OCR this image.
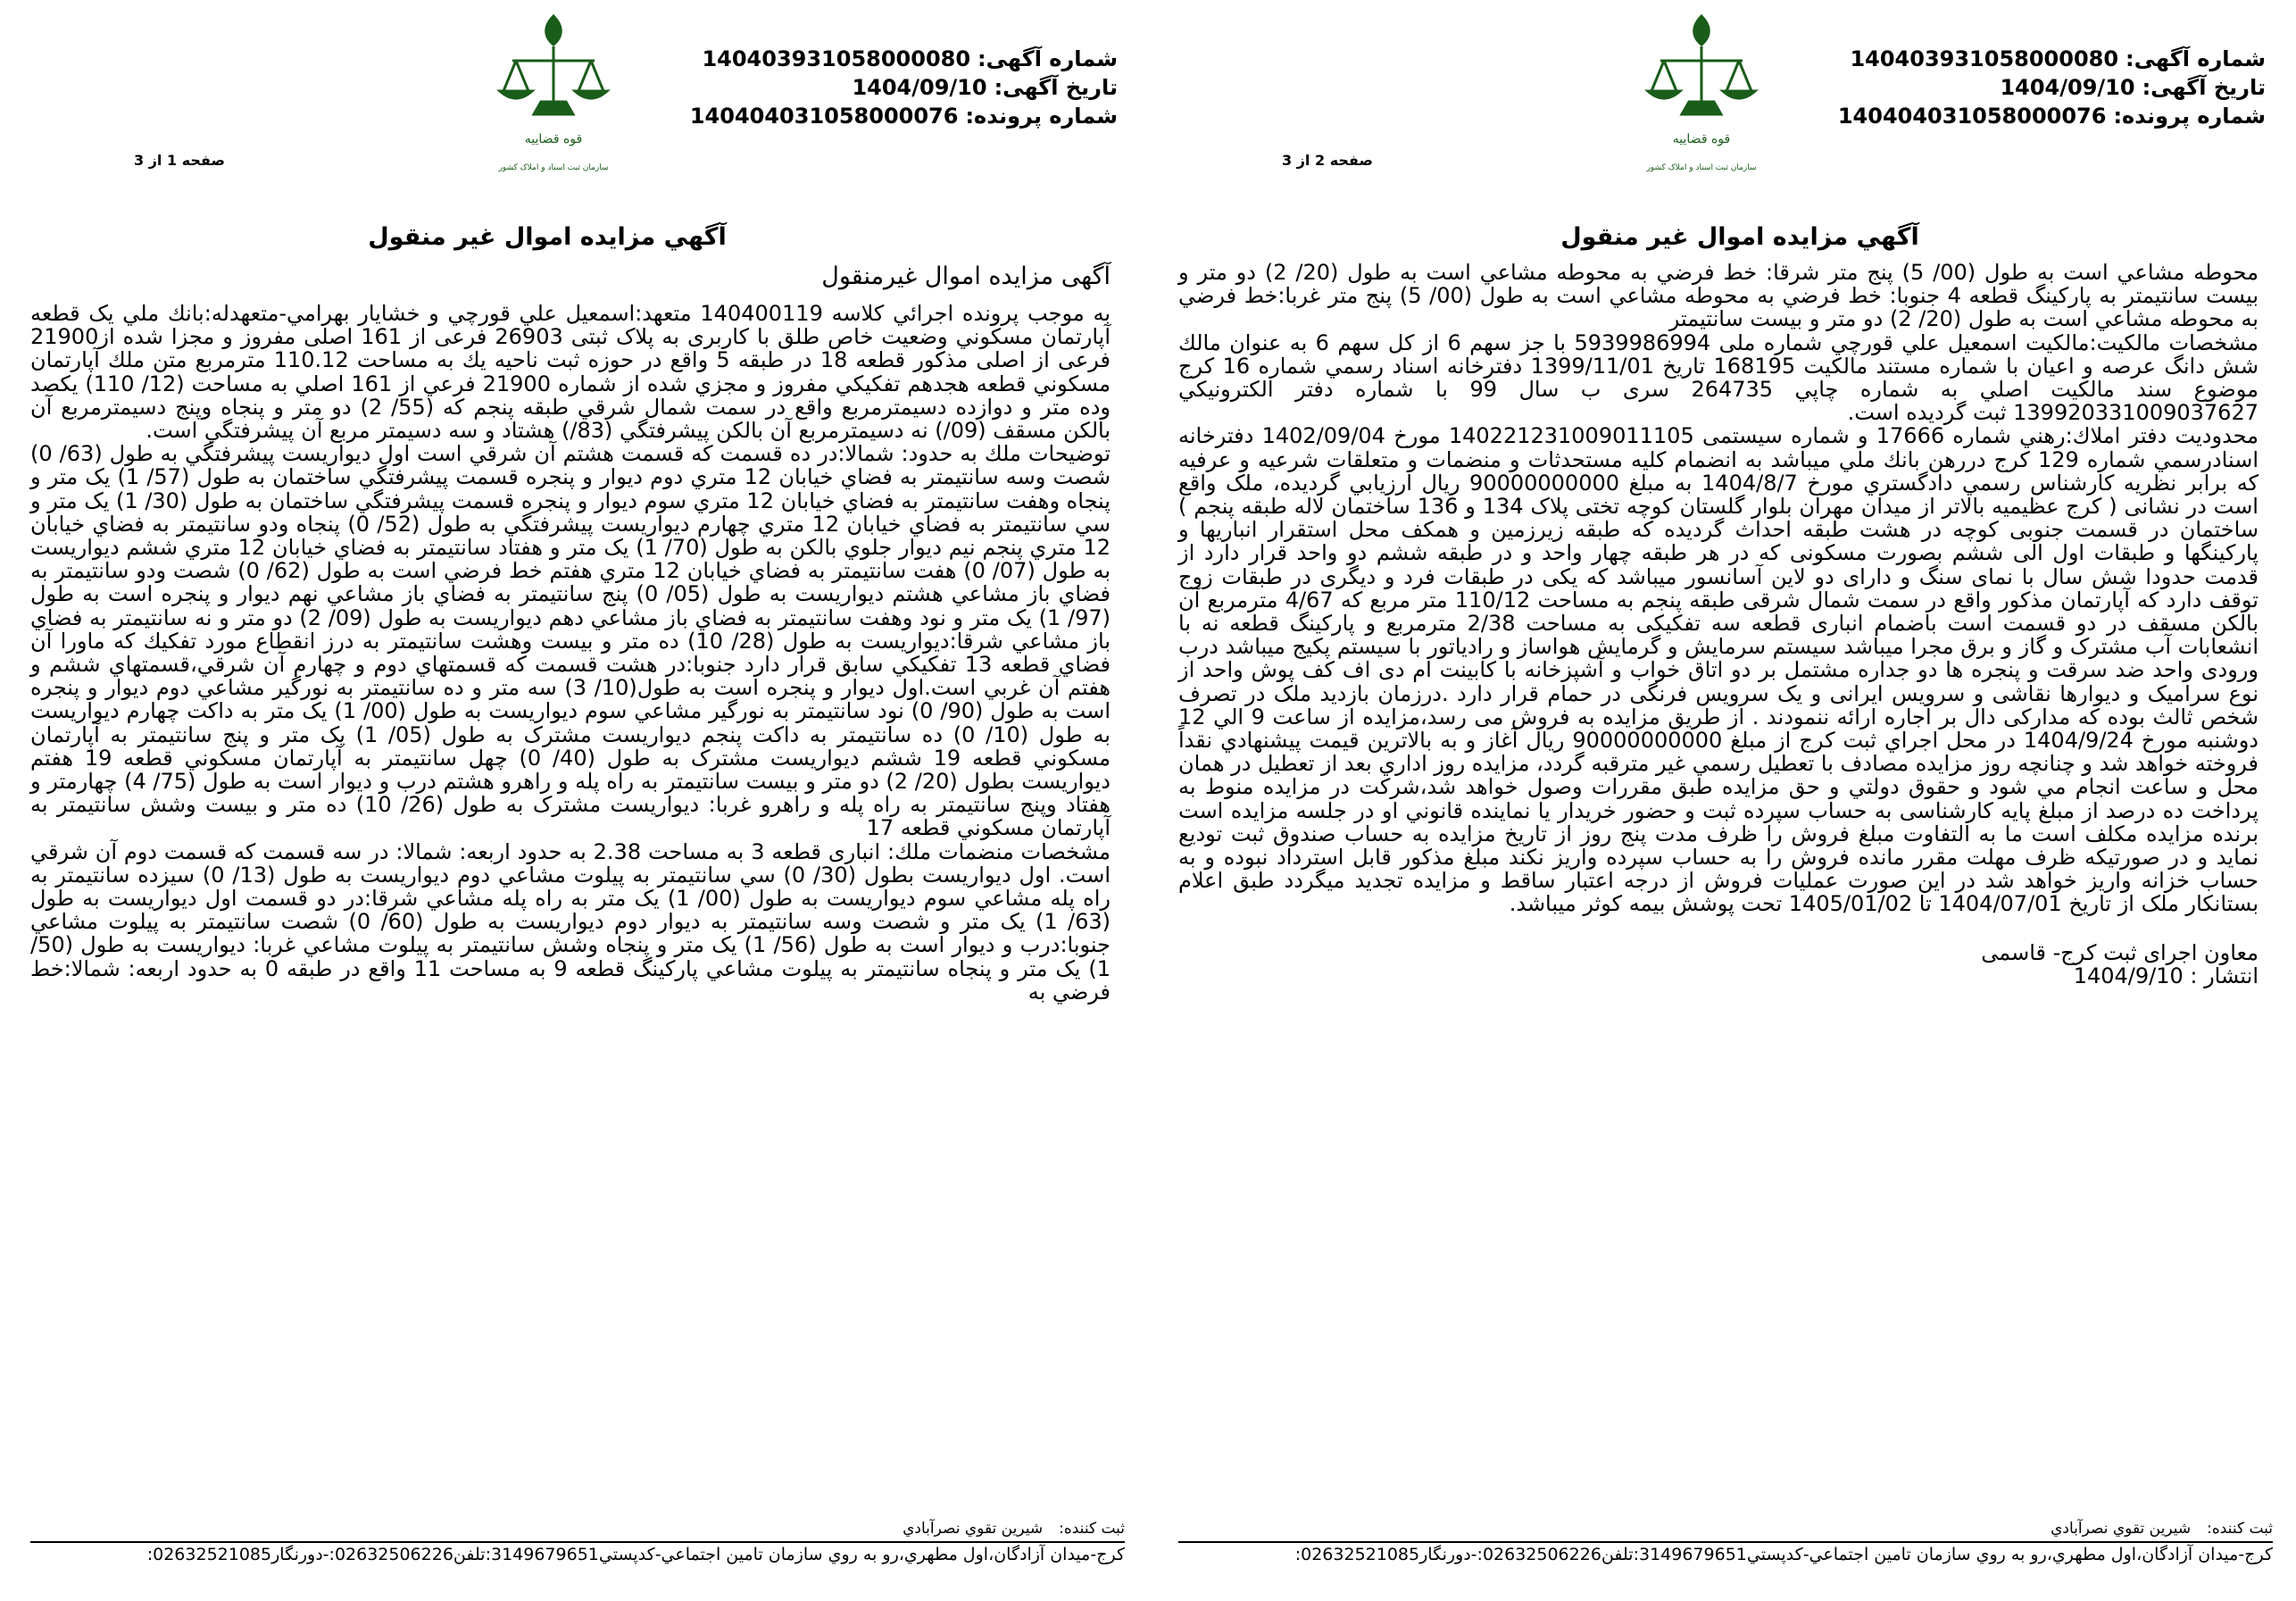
شماره آگهی:140403931058000080
تاریخ آگهی:1404/09/10
شماره پرونده:140404031058000076
قوه قضاییه
سازمان ثبت اسناد و املاک کشور
صفحه 1 از 3
آگهي مزايده اموال غير منقول

آگهی مزایده اموال غیرمنقول

به موجب پرونده اجرائي كلاسه 140400119 متعهد:اسمعيل علي قورچي و خشايار بهرامي-متعهدله:بانك ملي يک قطعه آپارتمان مسكوني وضعيت خاص طلق با كاربری به پلاک ثبتی 26903 فرعی از 161 اصلی مفروز و مجزا شده از21900 فرعی از اصلی مذكور قطعه 18 در طبقه 5 واقع در حوزه ثبت ناحيه يك به مساحت 110.12 مترمربع متن ملك آپارتمان مسكوني قطعه هجدهم تفكيكي مفروز و مجزي شده از شماره 21900 فرعي از 161 اصلي به مساحت (12/ 110) يكصد وده متر و دوازده دسيمترمربع واقع در سمت شمال شرقي طبقه پنجم كه (55/ 2) دو متر و پنجاه وپنج دسيمترمربع آن بالكن مسقف (09/) نه دسيمترمربع آن بالكن پيشرفتگي (83/) هشتاد و سه دسيمتر مربع آن پيشرفتگي است.

توضيحات ملك به حدود: شمالا:در ده قسمت كه قسمت هشتم آن شرقي است اول ديواريست پيشرفتگي به طول (63/ 0) شصت وسه سانتيمتر به فضاي خيابان 12 متري دوم ديوار و پنجره قسمت پيشرفتگي ساختمان به طول (57/ 1) يک متر و پنجاه وهفت سانتيمتر به فضاي خيابان 12 متري سوم ديوار و پنجره قسمت پيشرفتگي ساختمان به طول (30/ 1) يک متر و سي سانتيمتر به فضاي خيابان 12 متري چهارم ديواريست پيشرفتگي به طول (52/ 0) پنجاه ودو سانتيمتر به فضاي خيابان 12 متري پنجم نيم ديوار جلوي بالكن به طول (70/ 1) يک متر و هفتاد سانتيمتر به فضاي خيابان 12 متري ششم ديواريست به طول (07/ 0) هفت سانتيمتر به فضاي خيابان 12 متري هفتم خط فرضي است به طول (62/ 0) شصت ودو سانتيمتر به فضاي باز مشاعي هشتم ديواريست به طول (05/ 0) پنج سانتيمتر به فضاي باز مشاعي نهم ديوار و پنجره است به طول (97/ 1) يک متر و نود وهفت سانتيمتر به فضاي باز مشاعي دهم ديواريست به طول (09/ 2) دو متر و نه سانتيمتر به فضاي باز مشاعي شرقا:ديواريست به طول (28/ 10) ده متر و بيست وهشت سانتيمتر به درز انقطاع مورد تفكيك كه ماورا آن فضاي قطعه 13 تفكيكي سابق قرار دارد جنوبا:در هشت قسمت كه قسمتهاي دوم و چهارم آن شرقي،قسمتهاي ششم و هفتم آن غربي است.اول ديوار و پنجره است به طول(10/ 3) سه متر و ده سانتيمتر به نورگير مشاعي دوم ديوار و پنجره است به طول (90/ 0) نود سانتيمتر به نورگير مشاعي سوم ديواريست به طول (00/ 1) يک متر به داكت چهارم ديواريست به طول (10/ 0) ده سانتيمتر به داكت پنجم ديواريست مشترک به طول (05/ 1) يک متر و پنج سانتيمتر به آپارتمان مسكوني قطعه 19 ششم ديواريست مشترک به طول (40/ 0) چهل سانتيمتر به آپارتمان مسكوني قطعه 19 هفتم ديواريست بطول (20/ 2) دو متر و بيست سانتيمتر به راه پله و راهرو هشتم درب و ديوار است به طول (75/ 4) چهارمتر و هفتاد وپنج سانتيمتر به راه پله و راهرو غربا: ديواريست مشترک به طول (26/ 10) ده متر و بيست وشش سانتيمتر به آپارتمان مسكوني قطعه 17

مشخصات منضمات ملك: انباری قطعه 3 به مساحت 2.38 به حدود اربعه: شمالا: در سه قسمت كه قسمت دوم آن شرقي است. اول ديواريست بطول (30/ 0) سي سانتيمتر به پيلوت مشاعي دوم ديواريست به طول (13/ 0) سيزده سانتيمتر به راه پله مشاعي سوم ديواريست به طول (00/ 1) يک متر به راه پله مشاعي شرقا:در دو قسمت اول ديواريست به طول (63/ 1) يک متر و شصت وسه سانتيمتر به ديوار دوم ديواريست به طول (60/ 0) شصت سانتيمتر به پيلوت مشاعي جنوبا:درب و ديوار است به طول (56/ 1) يک متر و پنجاه وشش سانتيمتر به پيلوت مشاعي غربا: ديواريست به طول (50/ 1) يک متر و پنجاه سانتيمتر به پيلوت مشاعي پاركينگ قطعه 9 به مساحت 11 واقع در طبقه 0 به حدود اربعه: شمالا:خط فرضي به

ثبت کننده:شيرين تقوي نصرآبادي
كرج-ميدان آزادگان،اول مطهري،رو به روي سازمان تامين اجتماعي-كدپستي3149679651:تلفن02632506226:-دورنگار02632521085:
شماره آگهی:140403931058000080
تاریخ آگهی:1404/09/10
شماره پرونده:140404031058000076
قوه قضاییه
سازمان ثبت اسناد و املاک کشور
صفحه 2 از 3
آگهي مزايده اموال غير منقول

محوطه مشاعي است به طول (00/ 5) پنج متر شرقا: خط فرضي به محوطه مشاعي است به طول (20/ 2) دو متر و بيست سانتيمتر به پاركينگ قطعه 4 جنوبا: خط فرضي به محوطه مشاعي است به طول (00/ 5) پنج متر غربا:خط فرضي به محوطه مشاعي است به طول (20/ 2) دو متر و بيست سانتيمتر

مشخصات مالكيت:مالكيت اسمعيل علي قورچي شماره ملی 5939986994 با جز سهم 6 از كل سهم 6 به عنوان مالك شش دانگ عرصه و اعيان با شماره مستند مالكيت 168195 تاريخ 1399/11/01 دفترخانه اسناد رسمي شماره 16 كرج موضوع سند مالكيت اصلي به شماره چاپي 264735 سری ب سال 99 با شماره دفتر الكترونيكي 139920331009037627 ثبت گرديده است.

محدوديت دفتر املاك:رهني شماره 17666 و شماره سيستمی 140221231009011105 مورخ 1402/09/04 دفترخانه اسنادرسمي شماره 129 كرج دررهن بانك ملي ميباشد به انضمام كليه مستحدثات و منضمات و متعلقات شرعيه و عرفيه كه برابر نظريه كارشناس رسمي دادگستري مورخ 1404/8/7 به مبلغ 90000000000 ريال ارزيابي گرديده، ملک واقع است در نشانی ( كرج عظيميه بالاتر از ميدان مهران بلوار گلستان كوچه تختی پلاک 134 و 136 ساختمان لاله طبقه پنجم ) ساختمان در قسمت جنوبی كوچه در هشت طبقه احداث گرديده كه طبقه زيرزمين و همكف محل استقرار انباريها و پاركينگها و طبقات اول الی ششم بصورت مسكونی كه در هر طبقه چهار واحد و در طبقه ششم دو واحد قرار دارد از قدمت حدودا شش سال با نمای سنگ و دارای دو لاين آسانسور ميباشد كه يكی در طبقات فرد و ديگری در طبقات زوج توقف دارد كه آپارتمان مذكور واقع در سمت شمال شرقی طبقه پنجم به مساحت 110/12 متر مربع كه 4/67 مترمربع آن بالكن مسقف در دو قسمت است باضمام انباری قطعه سه تفكيكی به مساحت 2/38 مترمربع و پاركينگ قطعه نه با انشعابات آب مشترک و گاز و برق مجرا ميباشد سيستم سرمايش و گرمايش هواساز و رادياتور با سيستم پكيج ميباشد درب ورودی واحد ضد سرقت و پنجره ها دو جداره مشتمل بر دو اتاق خواب و آشپزخانه با كابينت ام دی اف كف پوش واحد از نوع سراميک و ديوارها نقاشی و سرويس ايرانی و يک سرويس فرنگی در حمام قرار دارد .درزمان بازديد ملک در تصرف شخص ثالث بوده كه مداركی دال بر اجاره ارائه ننمودند . از طريق مزايده به فروش می رسد،مزايده از ساعت 9 الي 12 دوشنبه مورخ 1404/9/24 در محل اجراي ثبت كرج از مبلغ 90000000000 ريال آغاز و به بالاترين قيمت پيشنهادي نقداً فروخته خواهد شد و چنانچه روز مزايده مصادف با تعطيل رسمي غير مترقبه گردد، مزايده روز اداري بعد از تعطيل در همان محل و ساعت انجام مي شود و حقوق دولتي و حق مزايده طبق مقررات وصول خواهد شد،شركت در مزايده منوط به پرداخت ده درصد از مبلغ پايه كارشناسی به حساب سپرده ثبت و حضور خريدار يا نماينده قانوني او در جلسه مزايده است برنده مزايده مكلف است ما به التفاوت مبلغ فروش را ظرف مدت پنج روز از تاريخ مزايده به حساب صندوق ثبت توديع نمايد و در صورتيكه ظرف مهلت مقرر مانده فروش را به حساب سپرده واريز نكند مبلغ مذكور قابل استرداد نبوده و به حساب خزانه واريز خواهد شد در اين صورت عمليات فروش از درجه اعتبار ساقط و مزايده تجديد ميگردد طبق اعلام بستانكار ملک از تاريخ 1404/07/01 تا 1405/01/02 تحت پوشش بيمه كوثر ميباشد.

معاون اجرای ثبت كرج- قاسمی

انتشار : 1404/9/10

ثبت کننده:شيرين تقوي نصرآبادي
كرج-ميدان آزادگان،اول مطهري،رو به روي سازمان تامين اجتماعي-كدپستي3149679651:تلفن02632506226:-دورنگار02632521085:
